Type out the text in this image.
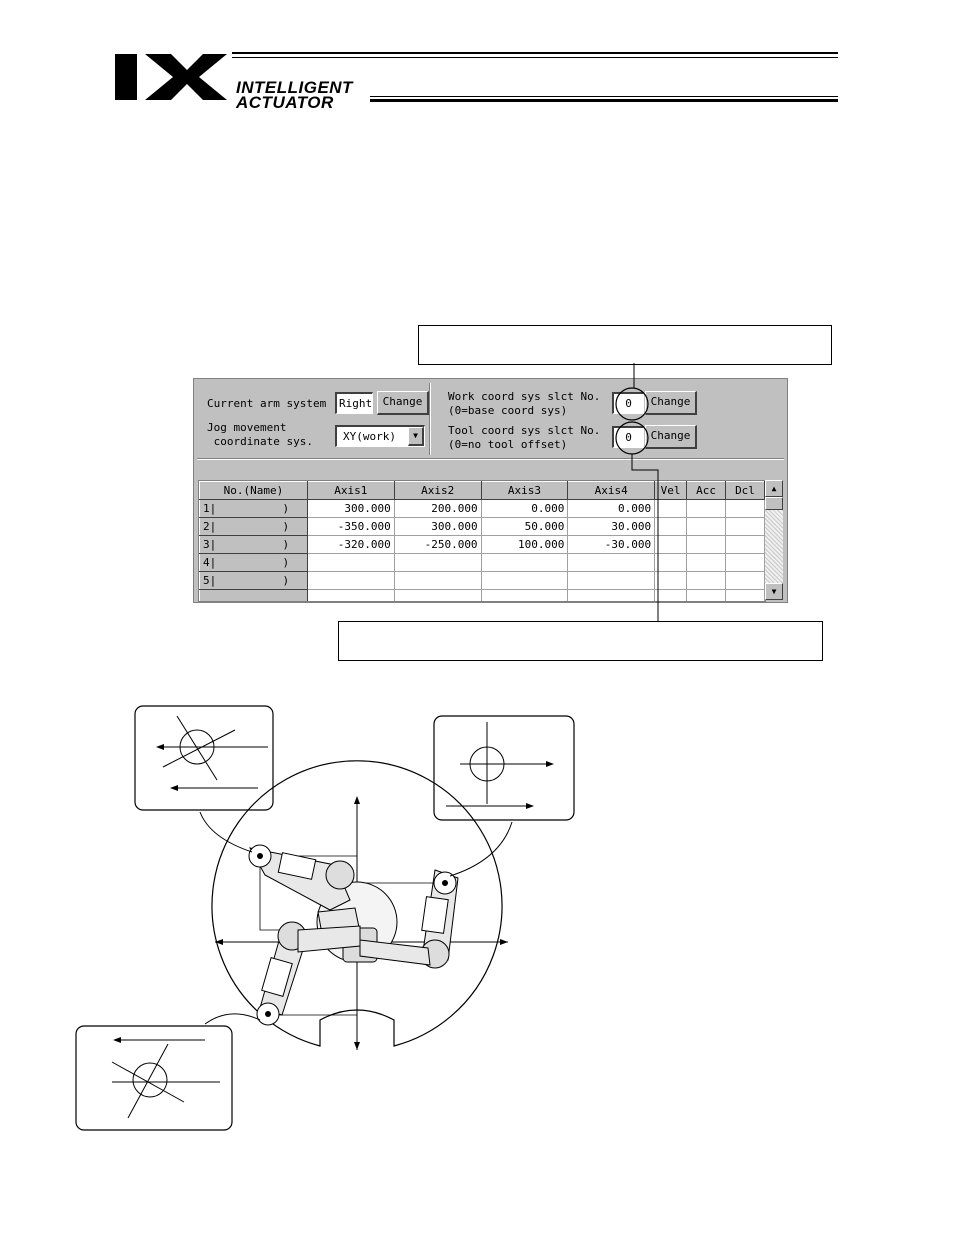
INTELLIGENT
ACTUATOR
Current arm system	Right Change
Jog movement
coordinate sys.	XY(work)	▼
Work coord sys slct No.
(0=base coord sys)
0	Change
Tool coord sys slct No.
(0=no tool offset)
0	Change
No.(Name)	Axis1	Axis2	Axis3	Axis4	Vel	Acc	Dcl
1|          )	300.000	200.000	0.000	0.000			
2|          )	-350.000	300.000	50.000	30.000			
3|          )	-320.000	-250.000	100.000	-30.000			
4|          )							
5|          )							

▲
▼
